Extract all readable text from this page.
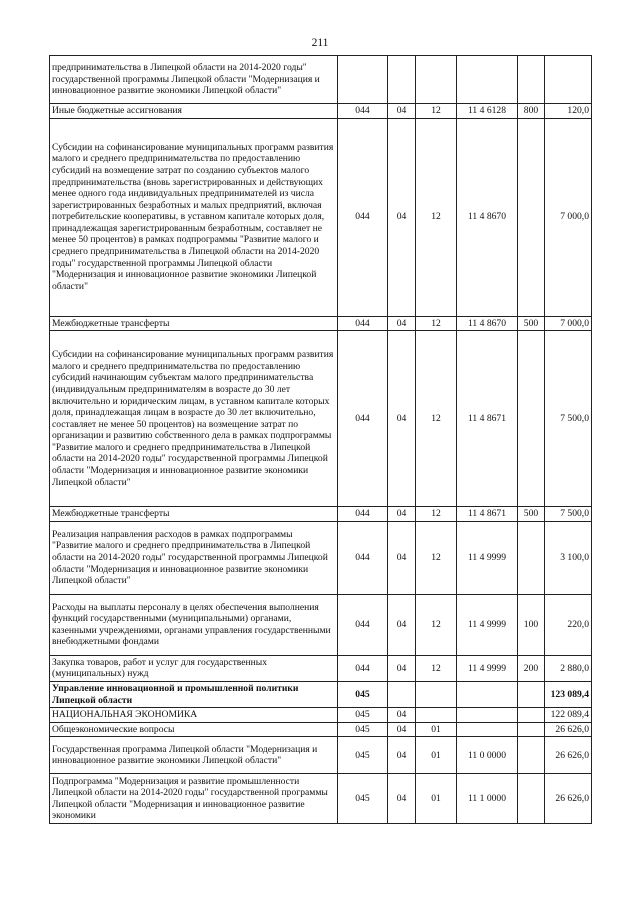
211
предпринимательства в Липецкой области на 2014-2020 годы" государственной программы Липецкой области "Модернизация и инновационное развитие экономики Липецкой области"						
Иные бюджетные ассигнования	044	04	12	11 4 6128	800	120,0
Субсидии на софинансирование муниципальных программ развития малого и среднего предпринимательства по предоставлению субсидий на возмещение затрат по созданию субъектов малого предпринимательства (вновь зарегистрированных и действующих менее одного года индивидуальных предпринимателей из числа зарегистрированных безработных и малых предприятий, включая потребительские кооперативы, в уставном капитале которых доля, принадлежащая зарегистрированным безработным, составляет не менее 50 процентов) в рамках подпрограммы "Развитие малого и среднего предпринимательства в Липецкой области на 2014-2020 годы" государственной программы Липецкой области "Модернизация и инновационное развитие экономики Липецкой области"	044	04	12	11 4 8670		7 000,0
Межбюджетные трансферты	044	04	12	11 4 8670	500	7 000,0
Субсидии на софинансирование муниципальных программ развития малого и среднего предпринимательства по предоставлению субсидий начинающим субъектам малого предпринимательства (индивидуальным предпринимателям в возрасте до 30 лет включительно и юридическим лицам, в уставном капитале которых доля, принадлежащая лицам в возрасте до 30 лет включительно, составляет не менее 50 процентов) на возмещение затрат по организации и развитию собственного дела в рамках подпрограммы "Развитие малого и среднего предпринимательства в Липецкой области на 2014-2020 годы" государственной программы Липецкой области "Модернизация и инновационное развитие экономики Липецкой области"	044	04	12	11 4 8671		7 500,0
Межбюджетные трансферты	044	04	12	11 4 8671	500	7 500,0
Реализация направления расходов в рамках подпрограммы "Развитие малого и среднего предпринимательства в Липецкой области на 2014-2020 годы" государственной программы Липецкой области "Модернизация и инновационное развитие экономики Липецкой области"	044	04	12	11 4 9999		3 100,0
Расходы на выплаты персоналу в целях обеспечения выполнения функций государственными (муниципальными) органами, казенными учреждениями, органами управления государственными внебюджетными фондами	044	04	12	11 4 9999	100	220,0
Закупка товаров, работ и услуг для государственных (муниципальных) нужд	044	04	12	11 4 9999	200	2 880,0
Управление инновационной и промышленной политики Липецкой области	045					123 089,4
НАЦИОНАЛЬНАЯ ЭКОНОМИКА	045	04				122 089,4
Общеэкономические вопросы	045	04	01			26 626,0
Государственная программа Липецкой области "Модернизация и инновационное развитие экономики Липецкой области"	045	04	01	11 0 0000		26 626,0
Подпрограмма "Модернизация и развитие промышленности Липецкой области на 2014-2020 годы" государственной программы Липецкой области "Модернизация и инновационное развитие экономики	045	04	01	11 1 0000		26 626,0
